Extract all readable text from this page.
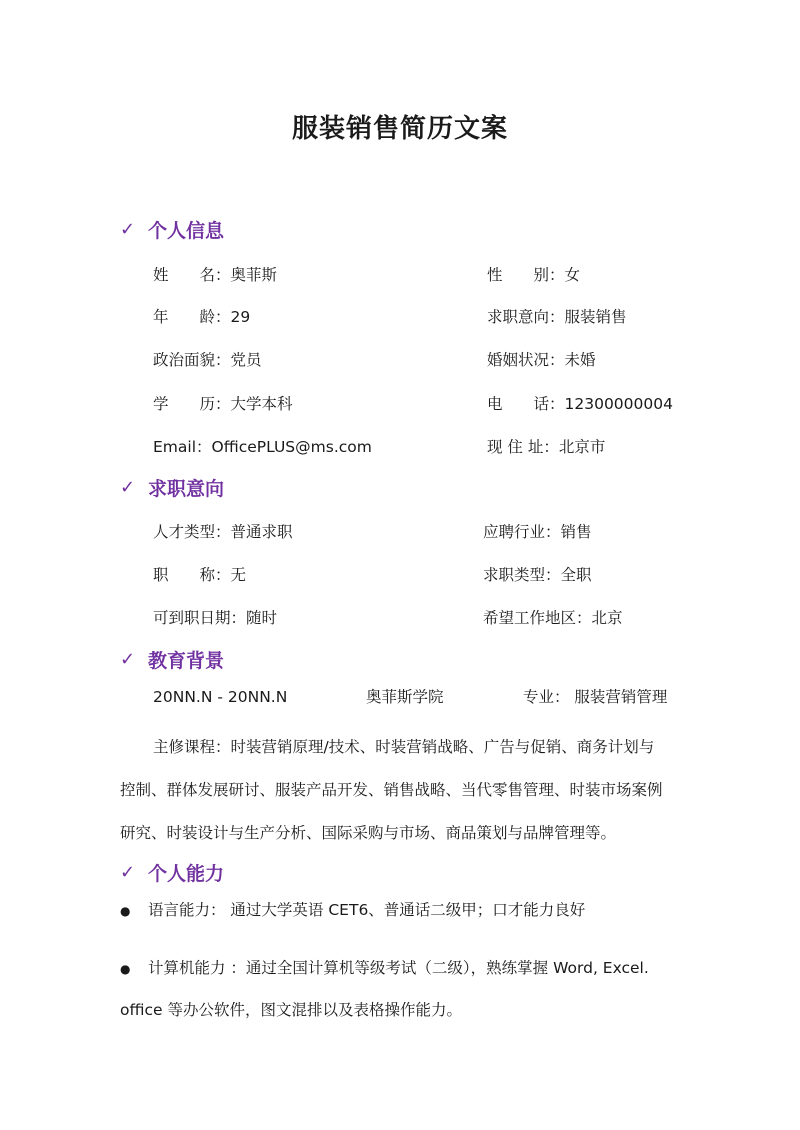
服装销售简历文案
✓ 个人信息
姓　　名：奥菲斯	性　　别：女
年　　龄：29	求职意向：服装销售
政治面貌：党员	婚姻状况：未婚
学　　历：大学本科	电　　话：12300000004
Email：OfficePLUS@ms.com	现 住 址：北京市
✓ 求职意向
人才类型：普通求职	应聘行业：销售
职　　称：无	求职类型：全职
可到职日期：随时	希望工作地区：北京
✓ 教育背景
20NN.N - 20NN.N	奥菲斯学院	专业： 服装营销管理
主修课程：时装营销原理/技术、时装营销战略、广告与促销、商务计划与
控制、群体发展研讨、服装产品开发、销售战略、当代零售管理、时装市场案例
研究、时装设计与生产分析、国际采购与市场、商品策划与品牌管理等。
✓ 个人能力
● 语言能力： 通过大学英语 CET6、普通话二级甲；口才能力良好
● 计算机能力 ：通过全国计算机等级考试（二级），熟练掌握 Word, Excel.
office 等办公软件，图文混排以及表格操作能力。
